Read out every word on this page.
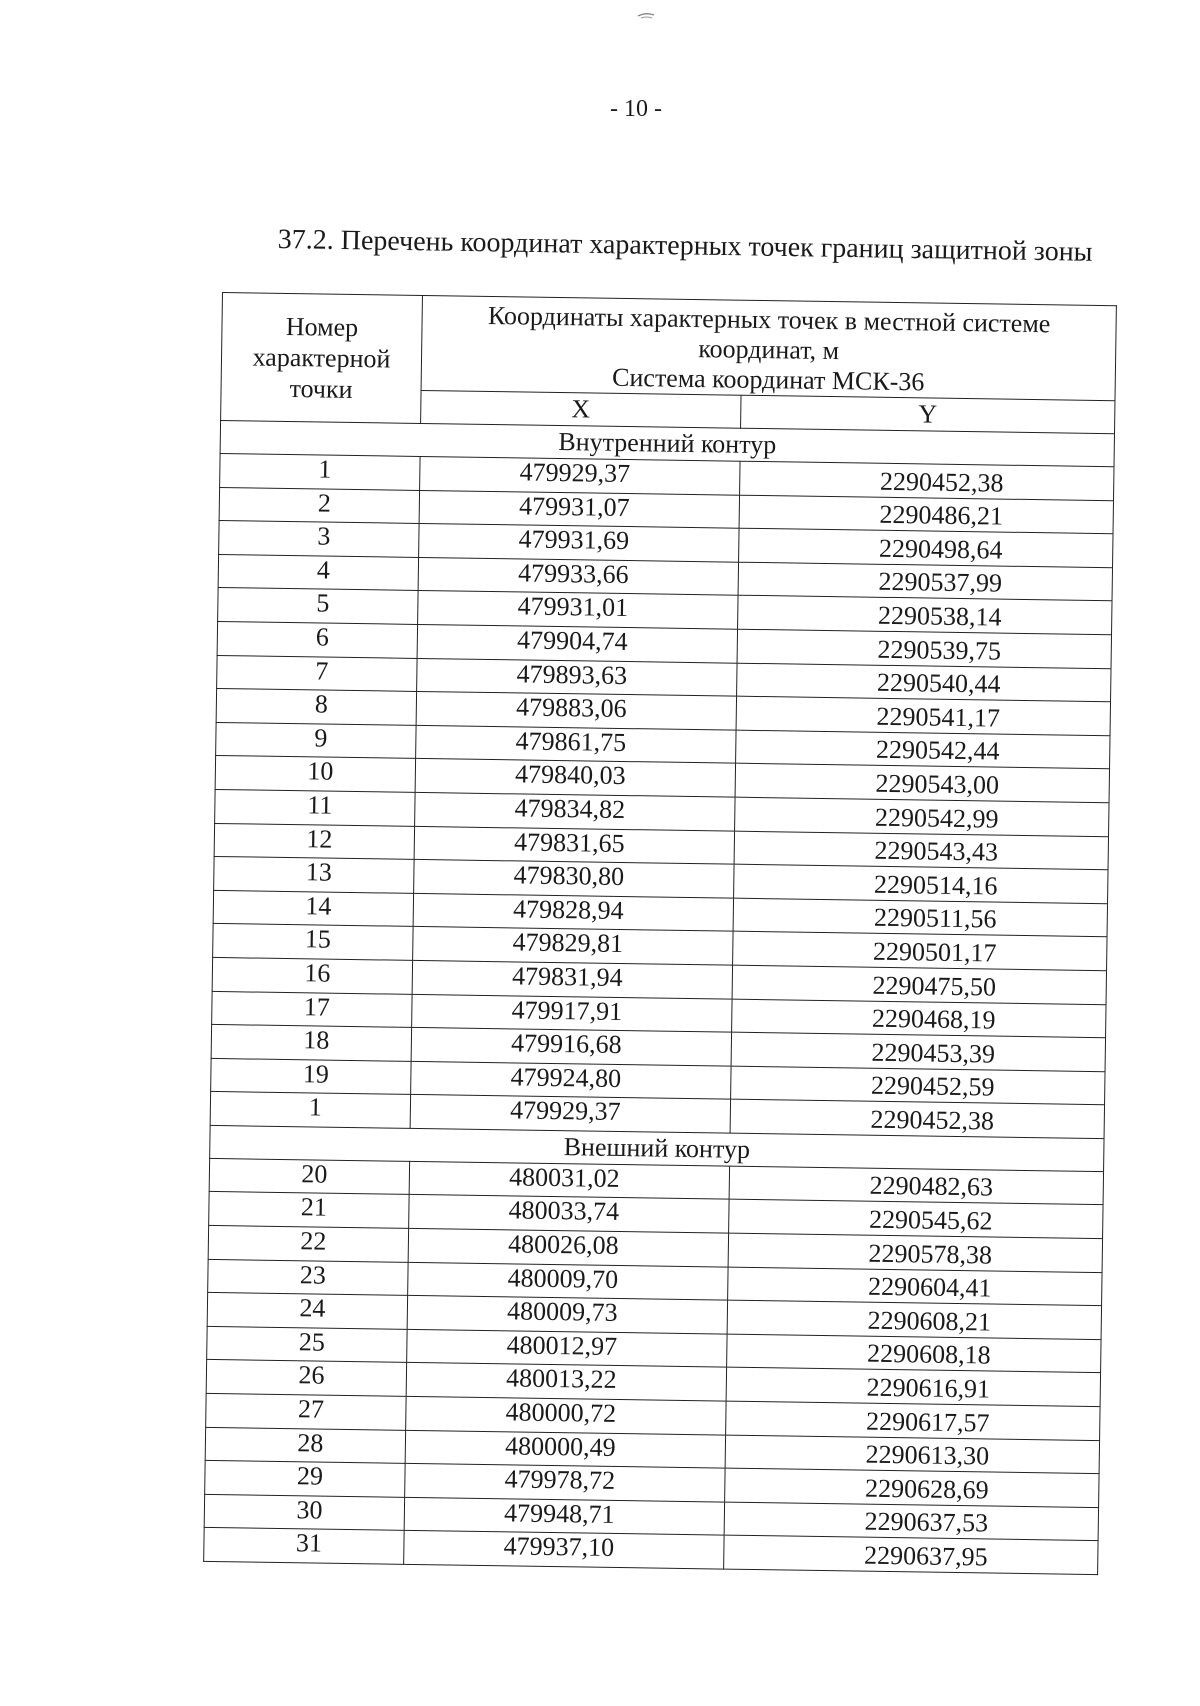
- 10 -
37.2. Перечень координат характерных точек границ защитной зоны
Номер характерной точки	Координаты характерных точек в местной системе координат, м
Система координат МСК-36	

	X	Y
Внутренний контур		
1	479929,37	2290452,38
2	479931,07	2290486,21
3	479931,69	2290498,64
4	479933,66	2290537,99
5	479931,01	2290538,14
6	479904,74	2290539,75
7	479893,63	2290540,44
8	479883,06	2290541,17
9	479861,75	2290542,44
10	479840,03	2290543,00
11	479834,82	2290542,99
12	479831,65	2290543,43
13	479830,80	2290514,16
14	479828,94	2290511,56
15	479829,81	2290501,17
16	479831,94	2290475,50
17	479917,91	2290468,19
18	479916,68	2290453,39
19	479924,80	2290452,59
1	479929,37	2290452,38
Внешний контур		
20	480031,02	2290482,63
21	480033,74	2290545,62
22	480026,08	2290578,38
23	480009,70	2290604,41
24	480009,73	2290608,21
25	480012,97	2290608,18
26	480013,22	2290616,91
27	480000,72	2290617,57
28	480000,49	2290613,30
29	479978,72	2290628,69
30	479948,71	2290637,53
31	479937,10	2290637,95
